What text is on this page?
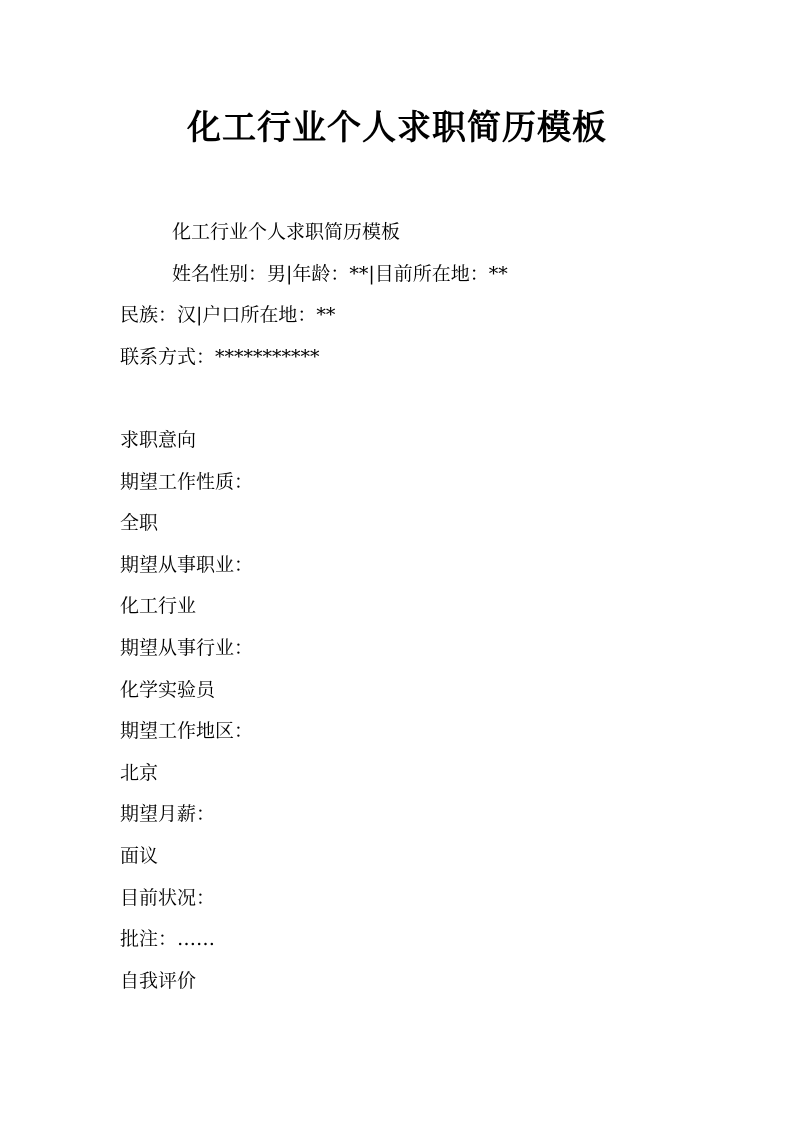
化工行业个人求职简历模板
化工行业个人求职简历模板
姓名性别：男|年龄：**|目前所在地：**
民族：汉|户口所在地：**
联系方式：***********
求职意向
期望工作性质：
全职
期望从事职业：
化工行业
期望从事行业：
化学实验员
期望工作地区：
北京
期望月薪：
面议
目前状况：
批注：……
自我评价
